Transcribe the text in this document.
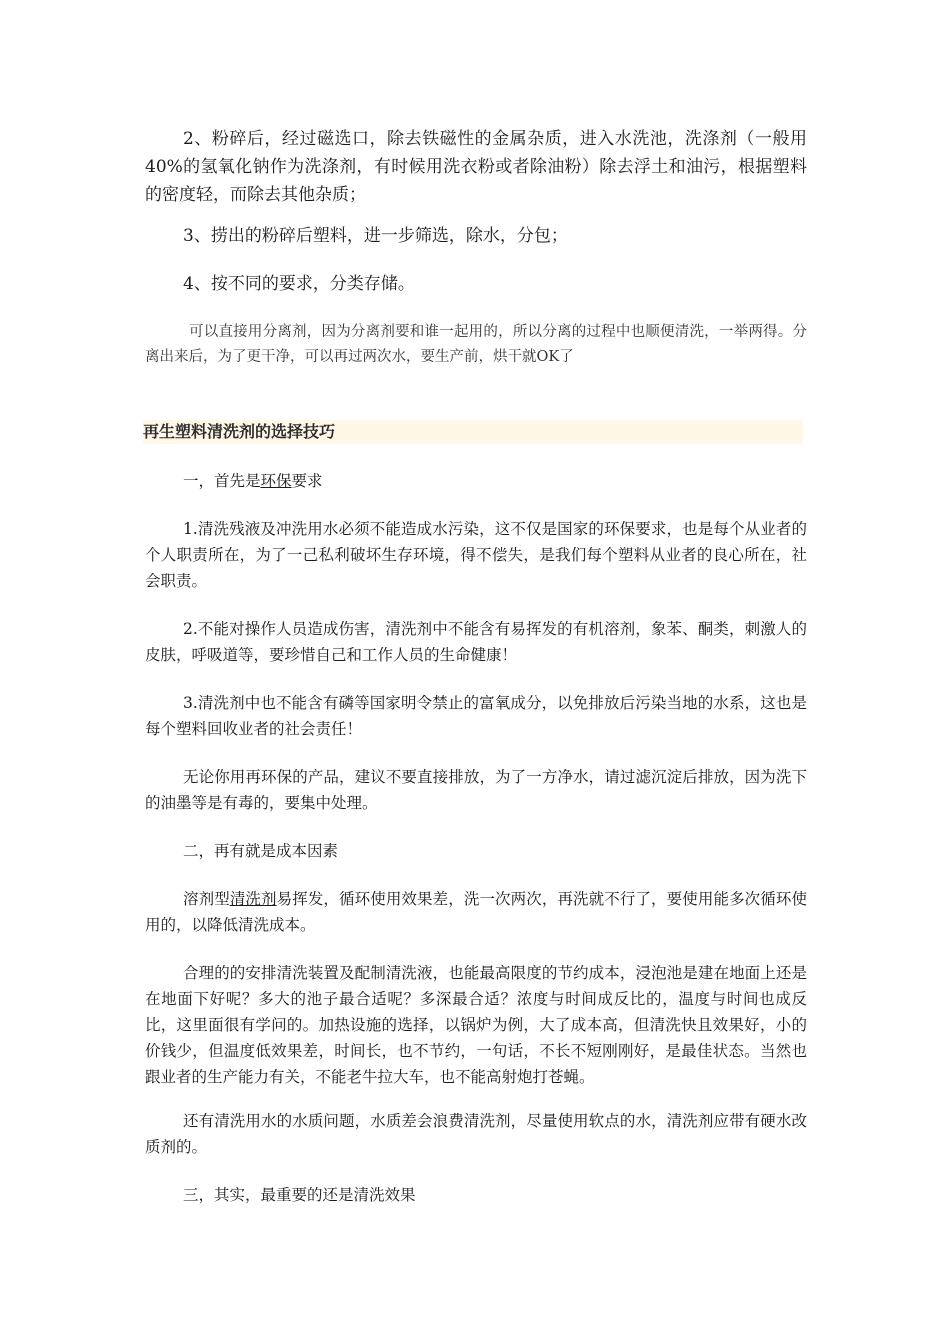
2、粉碎后，经过磁选口，除去铁磁性的金属杂质，进入水洗池，洗涤剂（一般用40%的氢氧化钠作为洗涤剂，有时候用洗衣粉或者除油粉）除去浮土和油污，根据塑料的密度轻，而除去其他杂质；
3、捞出的粉碎后塑料，进一步筛选，除水，分包；
4、按不同的要求，分类存储。
可以直接用分离剂，因为分离剂要和谁一起用的，所以分离的过程中也顺便清洗，一举两得。分离出来后，为了更干净，可以再过两次水，要生产前，烘干就OK了
再生塑料清洗剂的选择技巧
一，首先是环保要求
1.清洗残液及冲洗用水必须不能造成水污染，这不仅是国家的环保要求，也是每个从业者的个人职责所在，为了一己私利破坏生存环境，得不偿失，是我们每个塑料从业者的良心所在，社会职责。
2.不能对操作人员造成伤害，清洗剂中不能含有易挥发的有机溶剂，象苯、酮类，刺激人的皮肤，呼吸道等，要珍惜自己和工作人员的生命健康！
3.清洗剂中也不能含有磷等国家明令禁止的富氧成分，以免排放后污染当地的水系，这也是每个塑料回收业者的社会责任！
无论你用再环保的产品，建议不要直接排放，为了一方净水，请过滤沉淀后排放，因为洗下的油墨等是有毒的，要集中处理。
二，再有就是成本因素
溶剂型清洗剂易挥发，循环使用效果差，洗一次两次，再洗就不行了，要使用能多次循环使用的，以降低清洗成本。
合理的的安排清洗装置及配制清洗液，也能最高限度的节约成本，浸泡池是建在地面上还是在地面下好呢？多大的池子最合适呢？多深最合适？浓度与时间成反比的，温度与时间也成反比，这里面很有学问的。加热设施的选择，以锅炉为例，大了成本高，但清洗快且效果好，小的价钱少，但温度低效果差，时间长，也不节约，一句话，不长不短刚刚好，是最佳状态。当然也跟业者的生产能力有关，不能老牛拉大车，也不能高射炮打苍蝇。
还有清洗用水的水质问题，水质差会浪费清洗剂，尽量使用软点的水，清洗剂应带有硬水改质剂的。
三，其实，最重要的还是清洗效果
